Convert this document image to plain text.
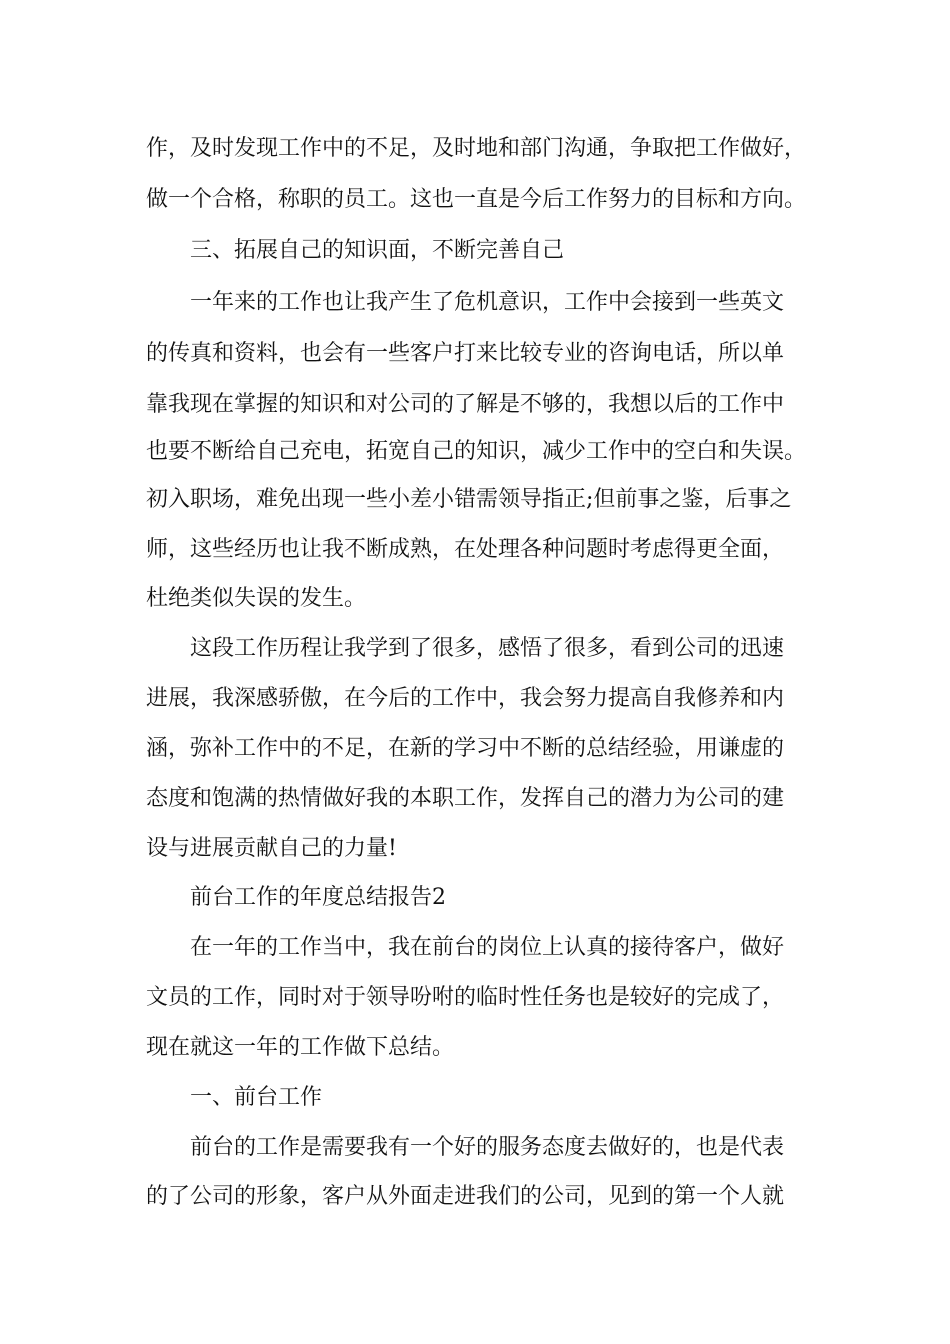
作，及时发现工作中的不足，及时地和部门沟通，争取把工作做好，
做一个合格，称职的员工。这也一直是今后工作努力的目标和方向。
三、拓展自己的知识面，不断完善自己
一年来的工作也让我产生了危机意识，工作中会接到一些英文
的传真和资料，也会有一些客户打来比较专业的咨询电话，所以单
靠我现在掌握的知识和对公司的了解是不够的，我想以后的工作中
也要不断给自己充电，拓宽自己的知识，减少工作中的空白和失误。
初入职场，难免出现一些小差小错需领导指正;但前事之鉴，后事之
师，这些经历也让我不断成熟，在处理各种问题时考虑得更全面，
杜绝类似失误的发生。
这段工作历程让我学到了很多，感悟了很多，看到公司的迅速
进展，我深感骄傲，在今后的工作中，我会努力提高自我修养和内
涵，弥补工作中的不足，在新的学习中不断的总结经验，用谦虚的
态度和饱满的热情做好我的本职工作，发挥自己的潜力为公司的建
设与进展贡献自己的力量!
前台工作的年度总结报告2
在一年的工作当中，我在前台的岗位上认真的接待客户，做好
文员的工作，同时对于领导吩咐的临时性任务也是较好的完成了，
现在就这一年的工作做下总结。
一、前台工作
前台的工作是需要我有一个好的服务态度去做好的，也是代表
的了公司的形象，客户从外面走进我们的公司，见到的第一个人就
